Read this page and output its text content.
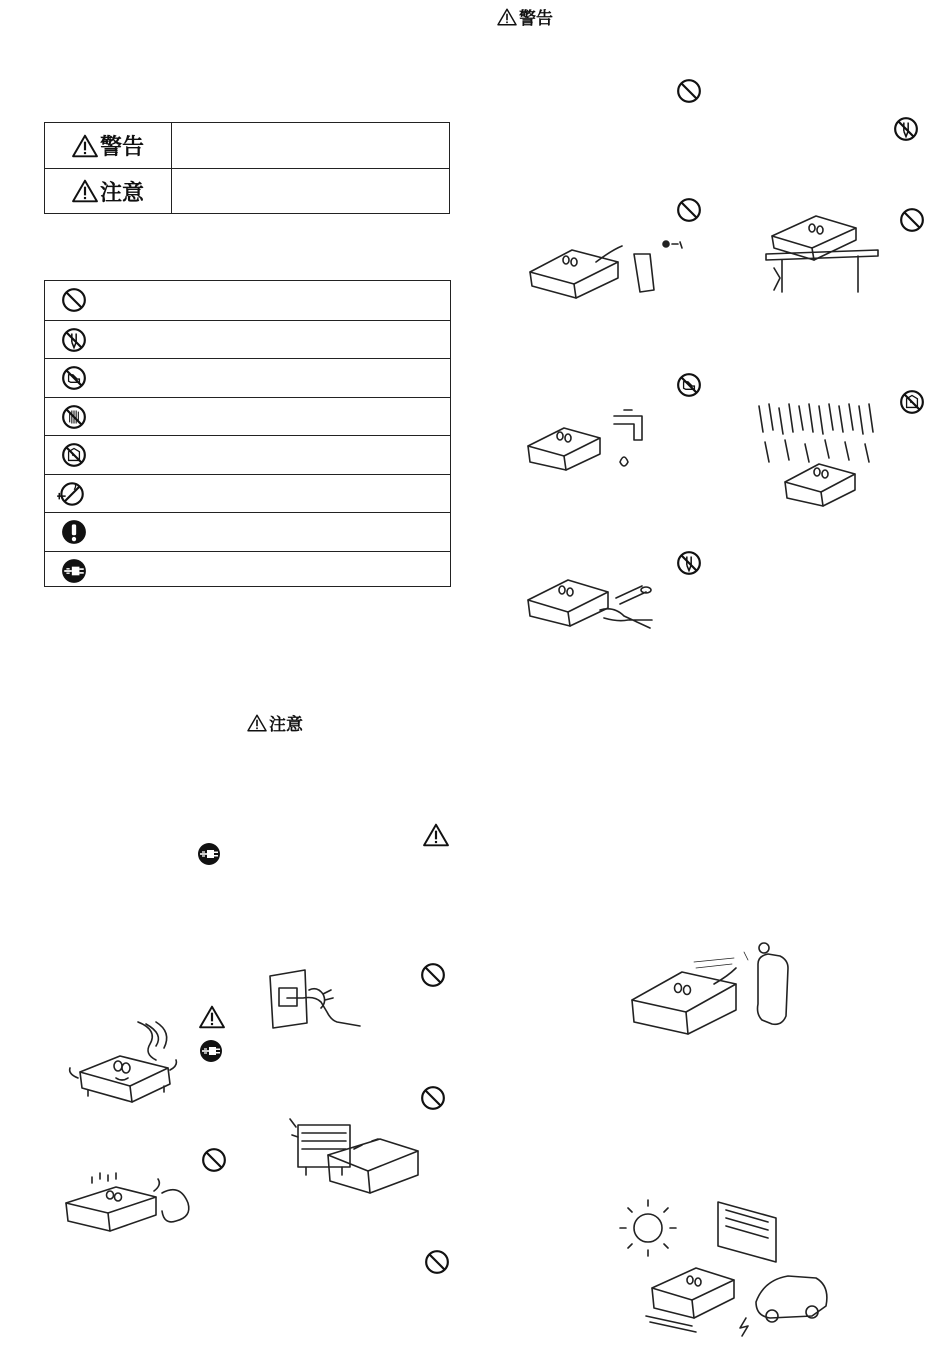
警告
注意
注意
警告
